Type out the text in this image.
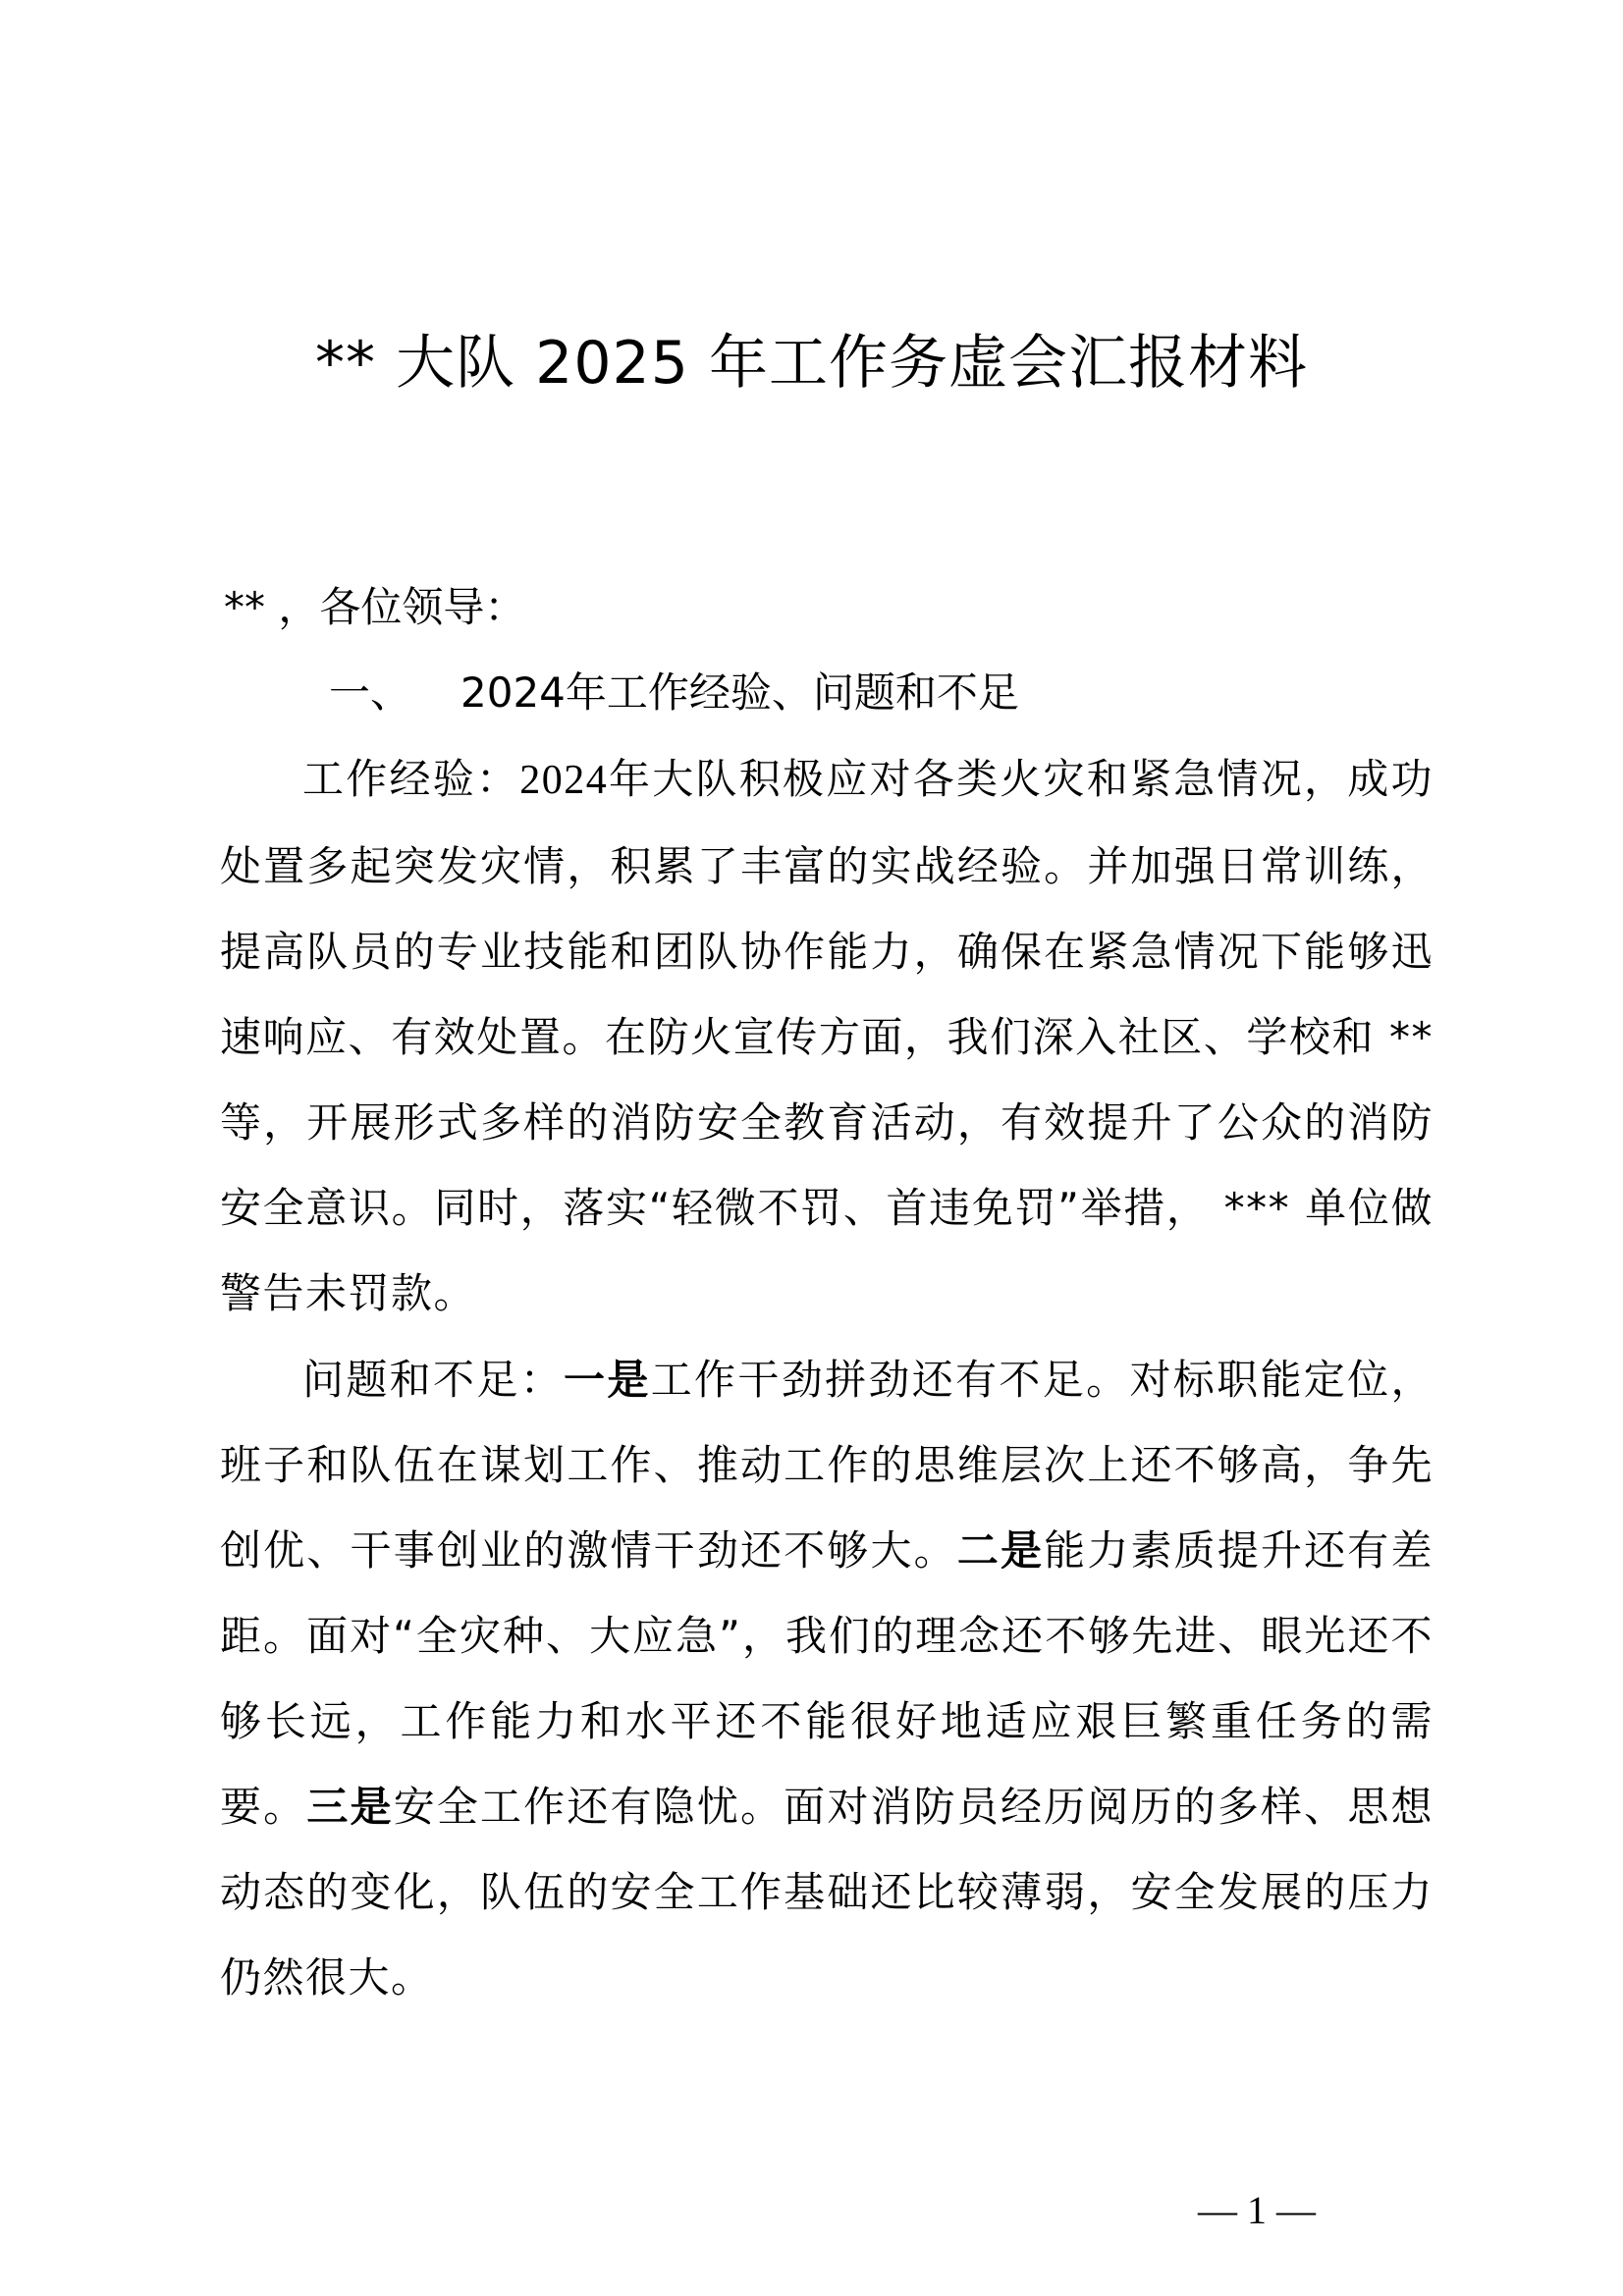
** 大队 2025 年工作务虚会汇报材料
** ，各位领导：
一、 2024年工作经验、问题和不足

工作经验：2024年大队积极应对各类火灾和紧急情况，成功处置多起突发灾情，积累了丰富的实战经验。并加强日常训练，提高队员的专业技能和团队协作能力，确保在紧急情况下能够迅速响应、有效处置。在防火宣传方面，我们深入社区、学校和 ** 等，开展形式多样的消防安全教育活动，有效提升了公众的消防安全意识。同时，落实“轻微不罚、首违免罚”举措， *** 单位做警告未罚款。

问题和不足：一是工作干劲拼劲还有不足。对标职能定位，班子和队伍在谋划工作、推动工作的思维层次上还不够高，争先创优、干事创业的激情干劲还不够大。二是能力素质提升还有差距。面对“全灾种、大应急”，我们的理念还不够先进、眼光还不够长远，工作能力和水平还不能很好地适应艰巨繁重任务的需要。三是安全工作还有隐忧。面对消防员经历阅历的多样、思想动态的变化，队伍的安全工作基础还比较薄弱，安全发展的压力仍然很大。

— 1 —
